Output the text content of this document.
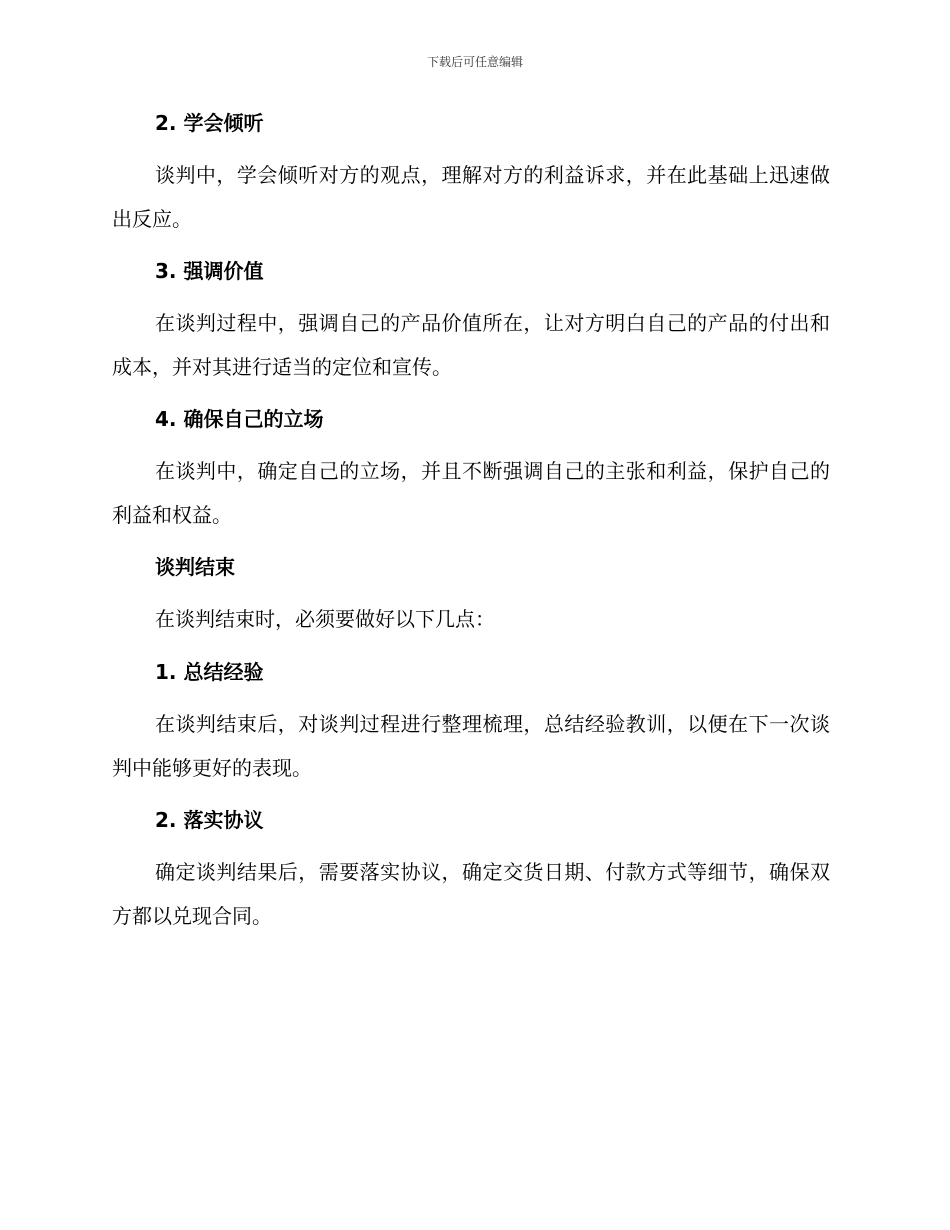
下载后可任意编辑
2. 学会倾听
谈判中，学会倾听对方的观点，理解对方的利益诉求，并在此基础上迅速做出反应。
3. 强调价值
在谈判过程中，强调自己的产品价值所在，让对方明白自己的产品的付出和成本，并对其进行适当的定位和宣传。
4. 确保自己的立场
在谈判中，确定自己的立场，并且不断强调自己的主张和利益，保护自己的利益和权益。
谈判结束
在谈判结束时，必须要做好以下几点：
1. 总结经验
在谈判结束后，对谈判过程进行整理梳理，总结经验教训，以便在下一次谈判中能够更好的表现。
2. 落实协议
确定谈判结果后，需要落实协议，确定交货日期、付款方式等细节，确保双方都以兑现合同。
